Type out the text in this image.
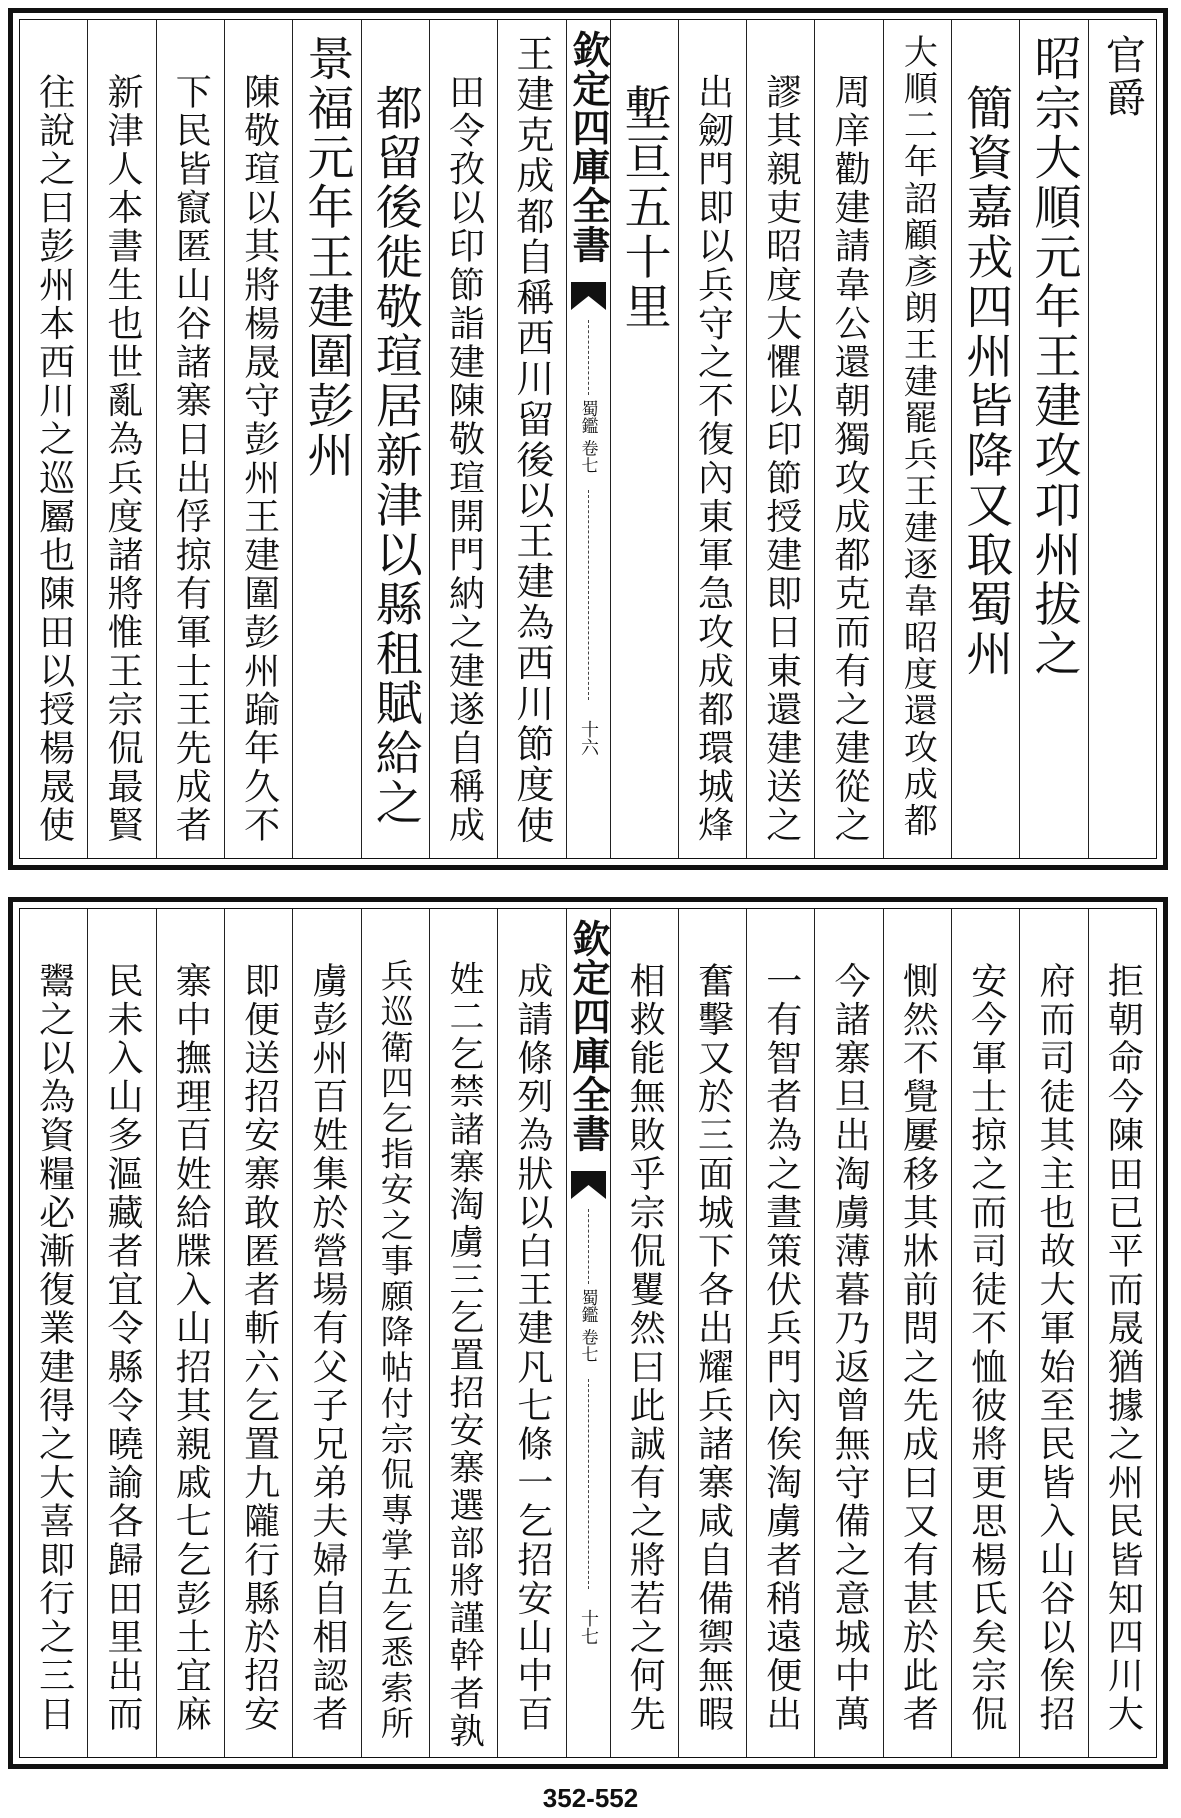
官爵
昭宗大順元年王建攻卭州拔之
　簡資嘉戎四州皆降又取蜀州
大順二年詔顧彥朗王建罷兵王建逐韋昭度還攻成都
　周庠勸建請韋公還朝獨攻成都克而有之建從之
　謬其親吏昭度大懼以印節授建即日東還建送之
　出劒門即以兵守之不復內東軍急攻成都環城烽
　塹亘五十里
欽定四庫全書
蜀鑑 卷七
十六
王建克成都自稱西川留後以王建為西川節度使
　田令孜以印節詣建陳敬瑄開門納之建遂自稱成
　都留後徙敬瑄居新津以縣租賦給之
景福元年王建圍彭州
　陳敬瑄以其將楊晟守彭州王建圍彭州踰年久不
　下民皆竄匿山谷諸寨日出俘掠有軍士王先成者
　新津人本書生也世亂為兵度諸將惟王宗侃最賢
　往說之曰彭州本西川之巡屬也陳田以授楊晟使
　拒朝命今陳田已平而晟猶據之州民皆知四川大
　府而司徒其主也故大軍始至民皆入山谷以俟招
　安今軍士掠之而司徒不恤彼將更思楊氏矣宗侃
　惻然不覺屢移其牀前問之先成曰又有甚於此者
　今諸寨旦出淘虜薄暮乃返曾無守備之意城中萬
　一有智者為之晝策伏兵門內俟淘虜者稍遠便出
　奮擊又於三面城下各出耀兵諸寨咸自備禦無暇
　相救能無敗乎宗侃矍然曰此誠有之將若之何先
欽定四庫全書
蜀鑑 卷七
十七
　成請條列為狀以白王建凡七條一乞招安山中百
　姓二乞禁諸寨淘虜三乞置招安寨選部將謹幹者孰
　兵巡衛四乞指安之事願降帖付宗侃專掌五乞悉索所
　虜彭州百姓集於營場有父子兄弟夫婦自相認者
　即便送招安寨敢匿者斬六乞置九隴行縣於招安
　寨中撫理百姓給牒入山招其親戚七乞彭土宜麻
　民未入山多漚藏者宜令縣令曉諭各歸田里出而
　鬻之以為資糧必漸復業建得之大喜即行之三日
352-552
